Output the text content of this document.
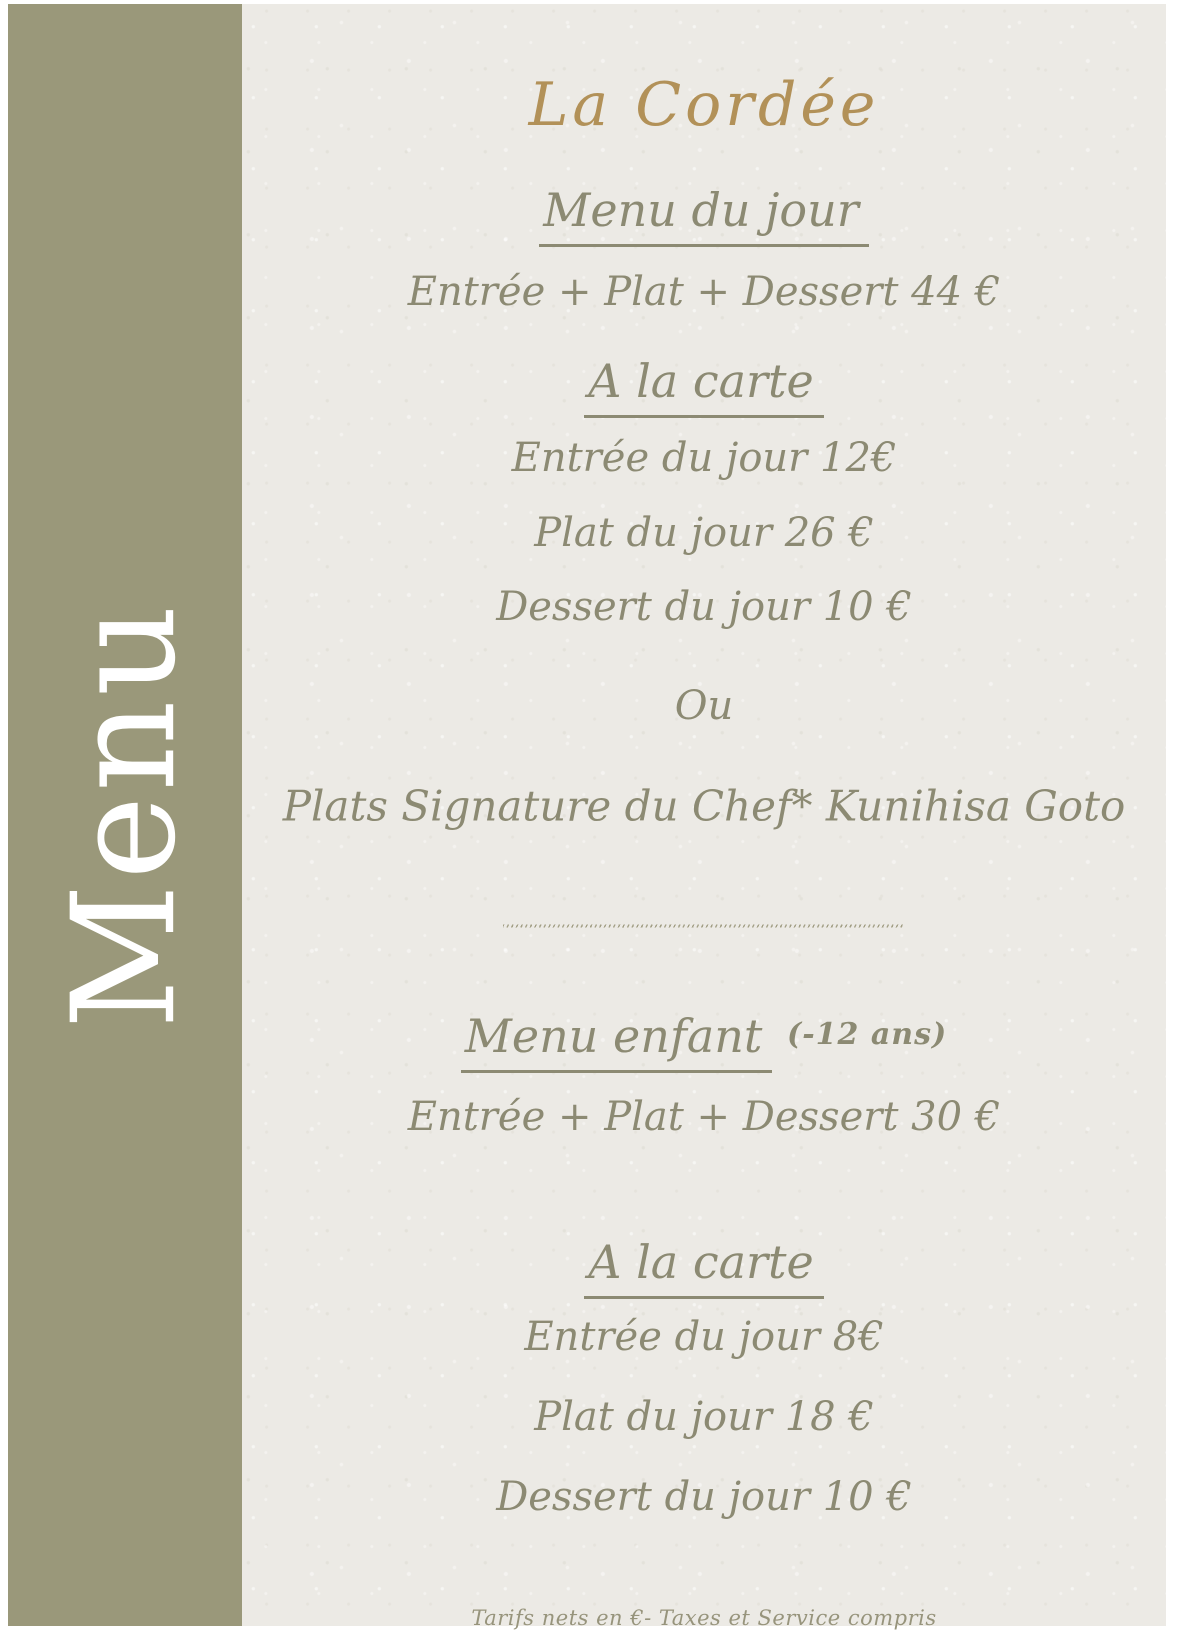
Menu
La Cordée
Menu du jour
Entrée + Plat + Dessert 44 €
A la carte
Entrée du jour 12€
Plat du jour 26 €
Dessert du jour 10 €
Ou
Plats Signature du Chef* Kunihisa Goto
Menu enfant (-12 ans)
Entrée + Plat + Dessert 30 €
A la carte
Entrée du jour 8€
Plat du jour 18 €
Dessert du jour 10 €
Tarifs nets en €- Taxes et Service compris
